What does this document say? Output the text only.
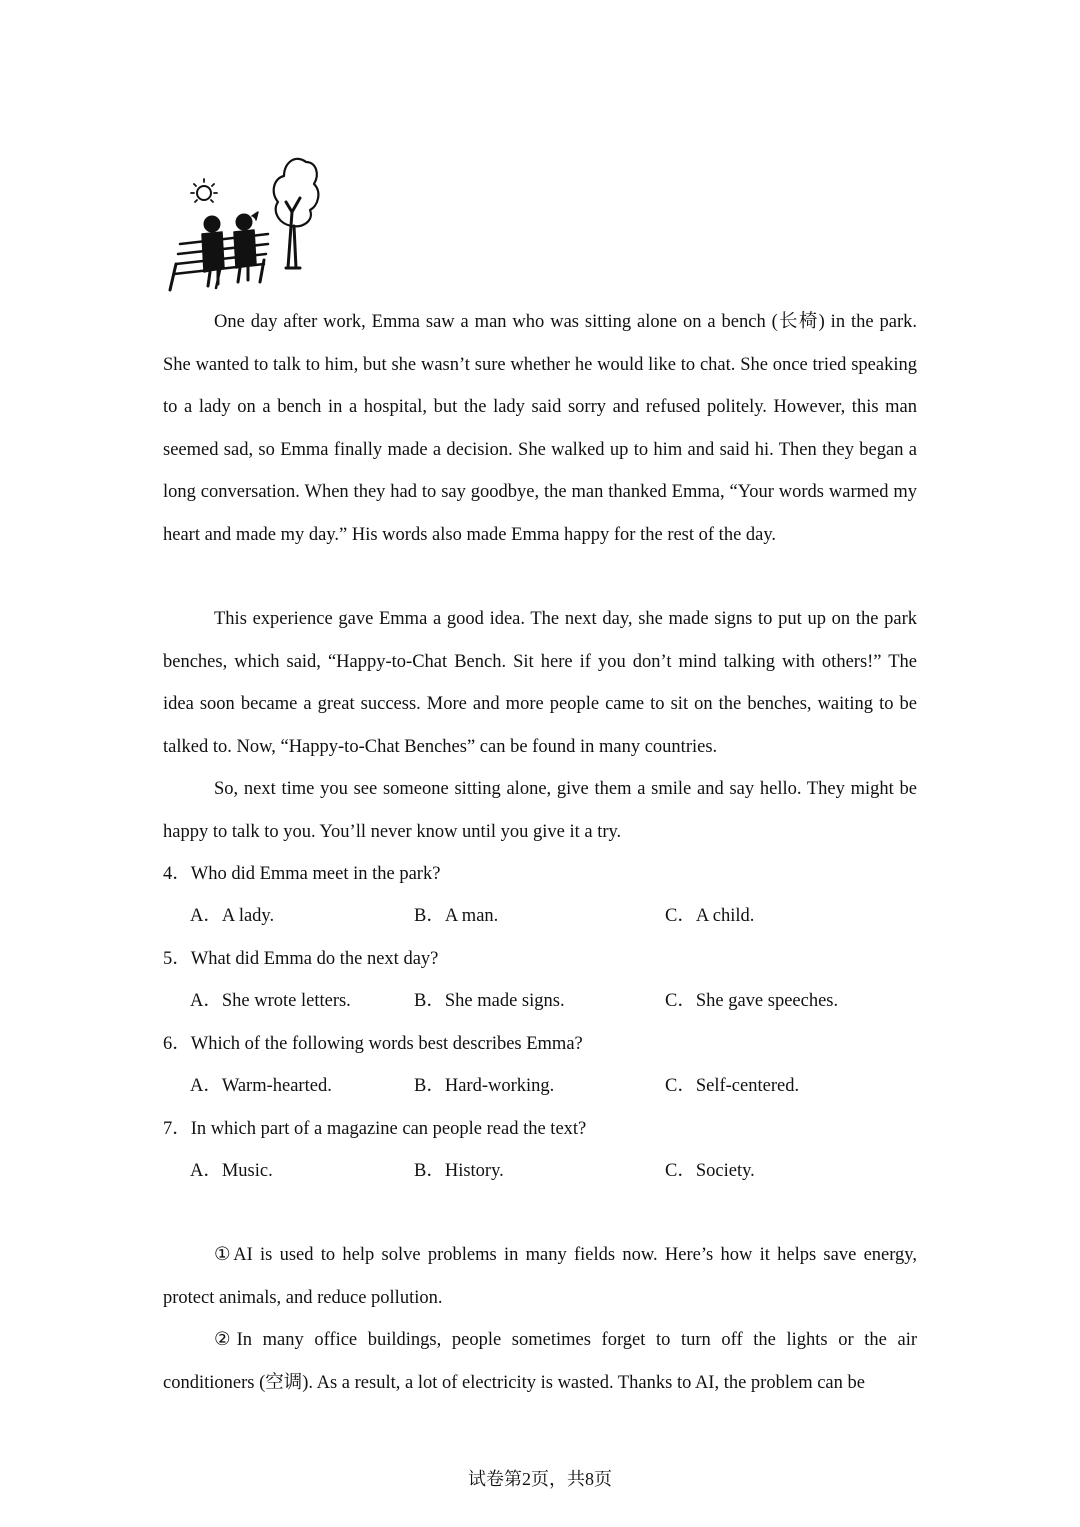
One day after work, Emma saw a man who was sitting alone on a bench (长椅) in the park. She wanted to talk to him, but she wasn’t sure whether he would like to chat. She once tried speaking to a lady on a bench in a hospital, but the lady said sorry and refused politely. However, this man seemed sad, so Emma finally made a decision. She walked up to him and said hi. Then they began a long conversation. When they had to say goodbye, the man thanked Emma, “Your words warmed my heart and made my day.” His words also made Emma happy for the rest of the day.

This experience gave Emma a good idea. The next day, she made signs to put up on the park benches, which said, “Happy-to-Chat Bench. Sit here if you don’t mind talking with others!” The idea soon became a great success. More and more people came to sit on the benches, waiting to be talked to. Now, “Happy-to-Chat Benches” can be found in many countries.

So, next time you see someone sitting alone, give them a smile and say hello. They might be happy to talk to you. You’ll never know until you give it a try.

4．Who did Emma meet in the park?
A．A lady.	B．A man.	C．A child.
5．What did Emma do the next day?
A．She wrote letters.	B．She made signs.	C．She gave speeches.
6．Which of the following words best describes Emma?
A．Warm-hearted.	B．Hard-working.	C．Self-centered.
7．In which part of a magazine can people read the text?
A．Music.	B．History.	C．Society.

①AI is used to help solve problems in many fields now. Here’s how it helps save energy, protect animals, and reduce pollution.

②In many office buildings, people sometimes forget to turn off the lights or the air conditioners (空调). As a result, a lot of electricity is wasted. Thanks to AI, the problem can be

试卷第2页，共8页
